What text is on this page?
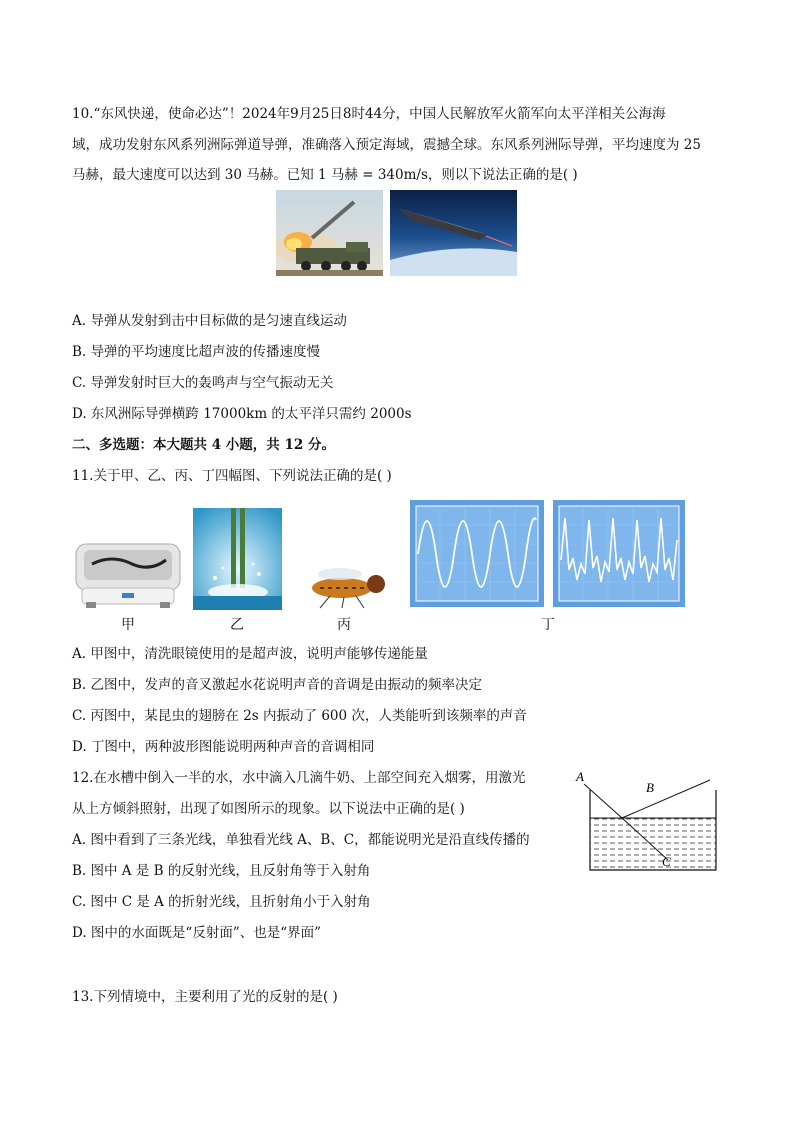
10.“东风快递，使命必达”！2024年9月25日8时44分，中国人民解放军火箭军向太平洋相关公海海
域，成功发射东风系列洲际弹道导弹，准确落入预定海域，震撼全球。东风系列洲际导弹，平均速度为 25
马赫，最大速度可以达到 30 马赫。已知 1 马赫 = 340m/s，则以下说法正确的是( )
A. 导弹从发射到击中目标做的是匀速直线运动
B. 导弹的平均速度比超声波的传播速度慢
C. 导弹发射时巨大的轰鸣声与空气振动无关
D. 东风洲际导弹横跨 17000km 的太平洋只需约 2000s
二、多选题：本大题共 4 小题，共 12 分。
11.关于甲、乙、丙、丁四幅图、下列说法正确的是( )
甲	乙	丙	丁
A. 甲图中，清洗眼镜使用的是超声波，说明声能够传递能量
B. 乙图中，发声的音叉激起水花说明声音的音调是由振动的频率决定
C. 丙图中，某昆虫的翅膀在 2s 内振动了 600 次，人类能听到该频率的声音
D. 丁图中，两种波形图能说明两种声音的音调相同
12.在水槽中倒入一半的水，水中滴入几滴牛奶、上部空间充入烟雾，用激光
从上方倾斜照射，出现了如图所示的现象。以下说法中正确的是( )
A. 图中看到了三条光线，单独看光线 A、B、C，都能说明光是沿直线传播的
B. 图中 A 是 B 的反射光线，且反射角等于入射角
C. 图中 C 是 A 的折射光线，且折射角小于入射角
D. 图中的水面既是“反射面”、也是“界面”
A
B
C
13.下列情境中，主要利用了光的反射的是( )
